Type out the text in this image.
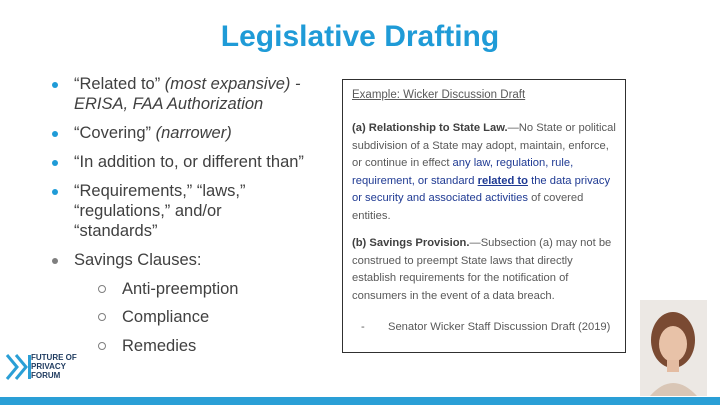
Legislative Drafting
“Related to” (most expansive) - ERISA, FAA Authorization
“Covering” (narrower)
“In addition to, or different than”
“Requirements,” “laws,” “regulations,” and/or “standards”
Savings Clauses:
Anti-preemption
Compliance
Remedies
Example: Wicker Discussion Draft
(a) Relationship to State Law.—No State or political subdivision of a State may adopt, maintain, enforce, or continue in effect any law, regulation, rule, requirement, or standard related to the data privacy or security and associated activities of covered entities.
(b) Savings Provision.—Subsection (a) may not be construed to preempt State laws that directly establish requirements for the notification of consumers in the event of a data breach.
- Senator Wicker Staff Discussion Draft (2019)
FUTURE OF
PRIVACY
FORUM
